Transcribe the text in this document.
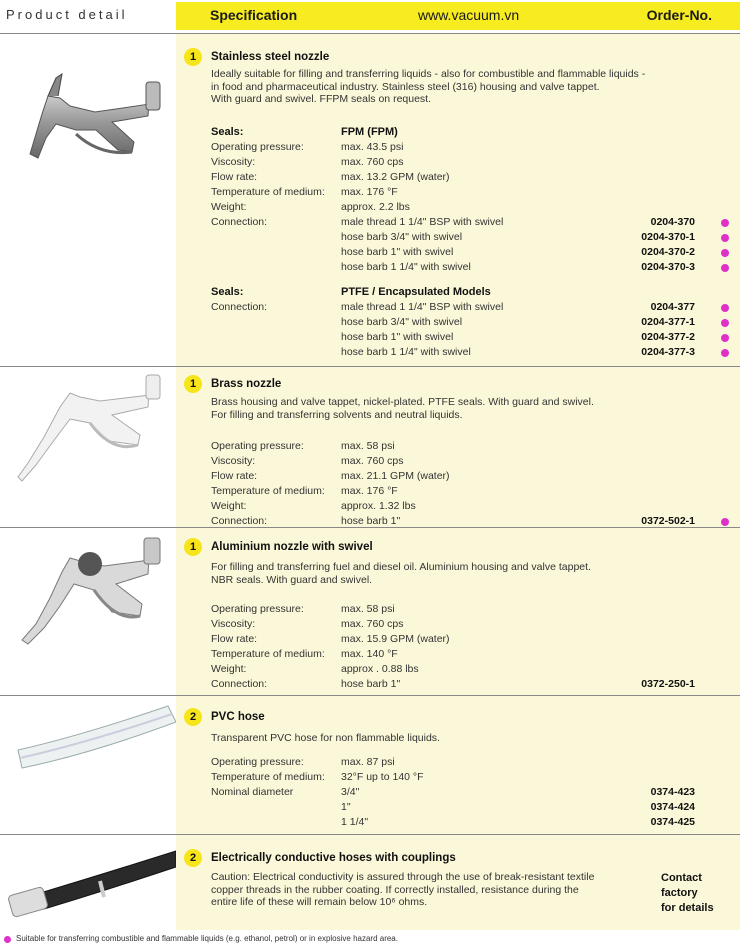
Product detail	Specification	www.vacuum.vn	Order-No.
1	Stainless steel nozzle
Ideally suitable for filling and transferring liquids - also for combustible and flammable liquids -
in food and pharmaceutical industry. Stainless steel (316) housing and valve tappet.
With guard and swivel. FFPM seals on request.
Seals:	FPM (FPM)
Operating pressure:	max. 43.5 psi
Viscosity:	max. 760 cps
Flow rate:	max. 13.2 GPM (water)
Temperature of medium: max. 176 °F
Weight:	approx. 2.2 lbs
Connection:	male thread 1 1/4" BSP with swivel	0204-370
hose barb 3/4" with swivel	0204-370-1
hose barb 1" with swivel	0204-370-2
hose barb 1 1/4" with swivel	0204-370-3
Seals:	PTFE / Encapsulated Models
Connection:	male thread 1 1/4" BSP with swivel	0204-377
hose barb 3/4" with swivel	0204-377-1
hose barb 1" with swivel	0204-377-2
hose barb 1 1/4" with swivel	0204-377-3
1	Brass nozzle
Brass housing and valve tappet, nickel-plated. PTFE seals. With guard and swivel.
For filling and transferring solvents and neutral liquids.
Operating pressure:	max. 58 psi
Viscosity:	max. 760 cps
Flow rate:	max. 21.1 GPM (water)
Temperature of medium: max. 176 °F
Weight:	approx. 1.32 lbs
Connection:	hose barb 1"	0372-502-1
1	Aluminium nozzle with swivel
For filling and transferring fuel and diesel oil. Aluminium housing and valve tappet.
NBR seals. With guard and swivel.
Operating pressure:	max. 58 psi
Viscosity:	max. 760 cps
Flow rate:	max. 15.9 GPM (water)
Temperature of medium: max. 140 °F
Weight:	approx . 0.88 lbs
Connection:	hose barb 1"	0372-250-1
2	PVC hose
Transparent PVC hose for non flammable liquids.
Operating pressure:	max. 87 psi
Temperature of medium: 32°F up to 140 °F
Nominal diameter	3/4"	0374-423
1"	0374-424
1 1/4"	0374-425
2	Electrically conductive hoses with couplings
Caution: Electrical conductivity is assured through the use of break-resistant textile
copper threads in the rubber coating. If correctly installed, resistance during the
entire life of these will remain below 10⁶ ohms.
Contact
factory
for details
Suitable for transferring combustible and flammable liquids (e.g. ethanol, petrol) or in explosive hazard area.
